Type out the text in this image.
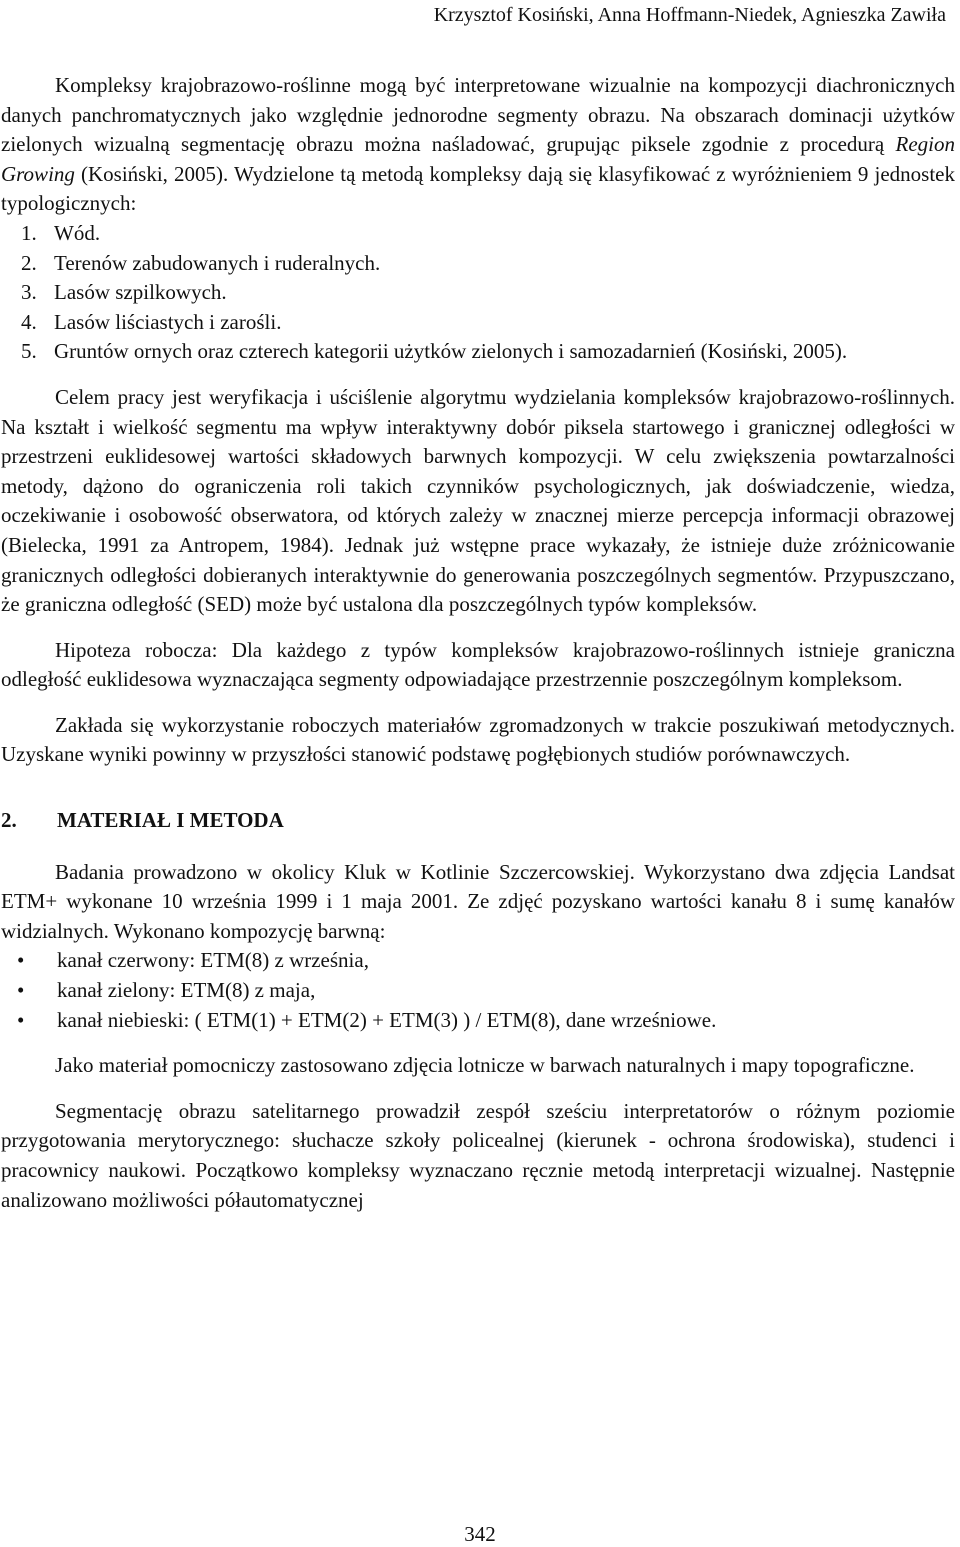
Krzysztof Kosiński, Anna Hoffmann-Niedek, Agnieszka Zawiła

Kompleksy krajobrazowo-roślinne mogą być interpretowane wizualnie na kompozycji diachronicznych danych panchromatycznych jako względnie jednorodne segmenty obrazu. Na obszarach dominacji użytków zielonych wizualną segmentację obrazu można naśladować, grupując piksele zgodnie z procedurą Region Growing (Kosiński, 2005). Wydzielone tą metodą kompleksy dają się klasyfikować z wyróżnieniem 9 jednostek typologicznych:

1. Wód.
2. Terenów zabudowanych i ruderalnych.
3. Lasów szpilkowych.
4. Lasów liściastych i zarośli.
5. Gruntów ornych oraz czterech kategorii użytków zielonych i samozadarnień (Kosiński, 2005).

Celem pracy jest weryfikacja i uściślenie algorytmu wydzielania kompleksów krajobrazowo-roślinnych. Na kształt i wielkość segmentu ma wpływ interaktywny dobór piksela startowego i granicznej odległości w przestrzeni euklidesowej wartości składowych barwnych kompozycji. W celu zwiększenia powtarzalności metody, dążono do ograniczenia roli takich czynników psychologicznych, jak doświadczenie, wiedza, oczekiwanie i osobowość obserwatora, od których zależy w znacznej mierze percepcja informacji obrazowej (Bielecka, 1991 za Antropem, 1984). Jednak już wstępne prace wykazały, że istnieje duże zróżnicowanie granicznych odległości dobieranych interaktywnie do generowania poszczególnych segmentów. Przypuszczano, że graniczna odległość (SED) może być ustalona dla poszczególnych typów kompleksów.

Hipoteza robocza: Dla każdego z typów kompleksów krajobrazowo-roślinnych istnieje graniczna odległość euklidesowa wyznaczająca segmenty odpowiadające przestrzennie poszczególnym kompleksom.

Zakłada się wykorzystanie roboczych materiałów zgromadzonych w trakcie poszukiwań metodycznych. Uzyskane wyniki powinny w przyszłości stanowić podstawę pogłębionych studiów porównawczych.

2.	MATERIAŁ I METODA

Badania prowadzono w okolicy Kluk w Kotlinie Szczercowskiej. Wykorzystano dwa zdjęcia Landsat ETM+ wykonane 10 września 1999 i 1 maja 2001. Ze zdjęć pozyskano wartości kanału 8 i sumę kanałów widzialnych. Wykonano kompozycję barwną:

•	kanał czerwony: ETM(8) z września,
•	kanał zielony: ETM(8) z maja,
•	kanał niebieski: ( ETM(1) + ETM(2) + ETM(3) ) / ETM(8), dane wrześniowe.

Jako materiał pomocniczy zastosowano zdjęcia lotnicze w barwach naturalnych i mapy topograficzne.

Segmentację obrazu satelitarnego prowadził zespół sześciu interpretatorów o różnym poziomie przygotowania merytorycznego: słuchacze szkoły policealnej (kierunek - ochrona środowiska), studenci i pracownicy naukowi. Początkowo kompleksy wyznaczano ręcznie metodą interpretacji wizualnej. Następnie analizowano możliwości półautomatycznej

342
